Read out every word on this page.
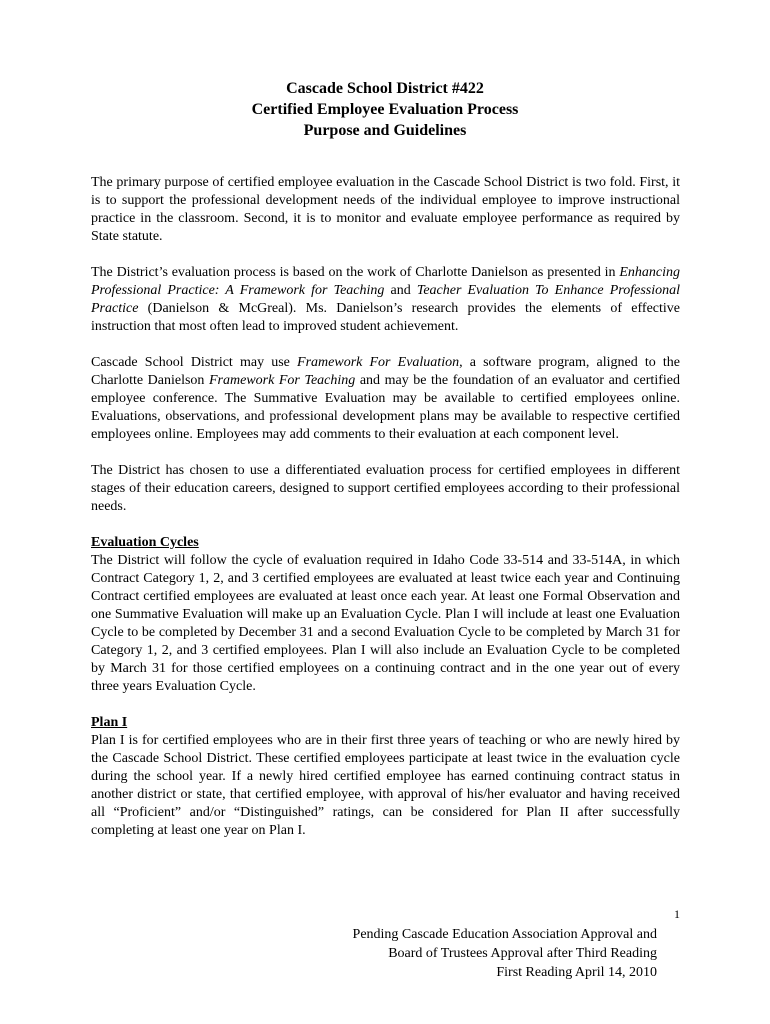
Cascade School District #422
Certified Employee Evaluation Process
Purpose and Guidelines

The primary purpose of certified employee evaluation in the Cascade School District is two fold. First, it is to support the professional development needs of the individual employee to improve instructional practice in the classroom. Second, it is to monitor and evaluate employee performance as required by State statute.

The District’s evaluation process is based on the work of Charlotte Danielson as presented in Enhancing Professional Practice: A Framework for Teaching and Teacher Evaluation To Enhance Professional Practice (Danielson & McGreal). Ms. Danielson’s research provides the elements of effective instruction that most often lead to improved student achievement.

Cascade School District may use Framework For Evaluation, a software program, aligned to the Charlotte Danielson Framework For Teaching and may be the foundation of an evaluator and certified employee conference. The Summative Evaluation may be available to certified employees online. Evaluations, observations, and professional development plans may be available to respective certified employees online. Employees may add comments to their evaluation at each component level.

The District has chosen to use a differentiated evaluation process for certified employees in different stages of their education careers, designed to support certified employees according to their professional needs.

Evaluation Cycles

The District will follow the cycle of evaluation required in Idaho Code 33-514 and 33-514A, in which Contract Category 1, 2, and 3 certified employees are evaluated at least twice each year and Continuing Contract certified employees are evaluated at least once each year. At least one Formal Observation and one Summative Evaluation will make up an Evaluation Cycle. Plan I will include at least one Evaluation Cycle to be completed by December 31 and a second Evaluation Cycle to be completed by March 31 for Category 1, 2, and 3 certified employees. Plan I will also include an Evaluation Cycle to be completed by March 31 for those certified employees on a continuing contract and in the one year out of every three years Evaluation Cycle.

Plan I

Plan I is for certified employees who are in their first three years of teaching or who are newly hired by the Cascade School District. These certified employees participate at least twice in the evaluation cycle during the school year. If a newly hired certified employee has earned continuing contract status in another district or state, that certified employee, with approval of his/her evaluator and having received all “Proficient” and/or “Distinguished” ratings, can be considered for Plan II after successfully completing at least one year on Plan I.

1
Pending Cascade Education Association Approval and
Board of Trustees Approval after Third Reading
First Reading April 14, 2010
